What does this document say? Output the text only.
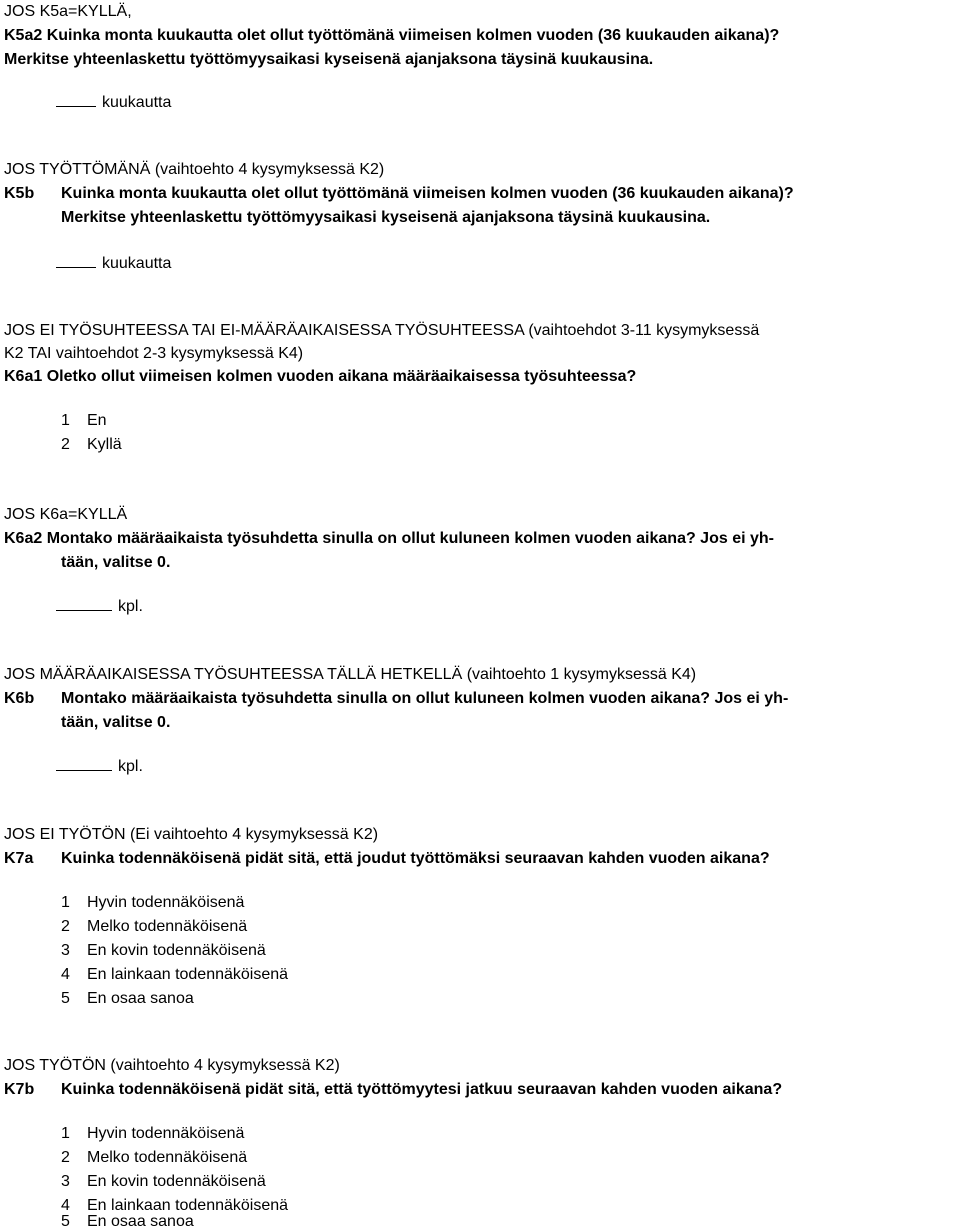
JOS K5a=KYLLÄ,
K5a2 Kuinka monta kuukautta olet ollut työttömänä viimeisen kolmen vuoden (36 kuukauden aikana)?
Merkitse yhteenlaskettu työttömyysaikasi kyseisenä ajanjaksona täysinä kuukausina.
kuukautta
JOS TYÖTTÖMÄNÄ (vaihtoehto 4 kysymyksessä K2)
K5b Kuinka monta kuukautta olet ollut työttömänä viimeisen kolmen vuoden (36 kuukauden aikana)?
Merkitse yhteenlaskettu työttömyysaikasi kyseisenä ajanjaksona täysinä kuukausina.
kuukautta
JOS EI TYÖSUHTEESSA TAI EI-MÄÄRÄAIKAISESSA TYÖSUHTEESSA (vaihtoehdot 3-11 kysymyksessä
K2 TAI vaihtoehdot 2-3 kysymyksessä K4)
K6a1 Oletko ollut viimeisen kolmen vuoden aikana määräaikaisessa työsuhteessa?
1 En
2 Kyllä
JOS K6a=KYLLÄ
K6a2 Montako määräaikaista työsuhdetta sinulla on ollut kuluneen kolmen vuoden aikana? Jos ei yh-
tään, valitse 0.
kpl.
JOS MÄÄRÄAIKAISESSA TYÖSUHTEESSA TÄLLÄ HETKELLÄ (vaihtoehto 1 kysymyksessä K4)
K6b Montako määräaikaista työsuhdetta sinulla on ollut kuluneen kolmen vuoden aikana? Jos ei yh-
tään, valitse 0.
kpl.
JOS EI TYÖTÖN (Ei vaihtoehto 4 kysymyksessä K2)
K7a Kuinka todennäköisenä pidät sitä, että joudut työttömäksi seuraavan kahden vuoden aikana?
1 Hyvin todennäköisenä
2 Melko todennäköisenä
3 En kovin todennäköisenä
4 En lainkaan todennäköisenä
5 En osaa sanoa
JOS TYÖTÖN (vaihtoehto 4 kysymyksessä K2)
K7b Kuinka todennäköisenä pidät sitä, että työttömyytesi jatkuu seuraavan kahden vuoden aikana?
1 Hyvin todennäköisenä
2 Melko todennäköisenä
3 En kovin todennäköisenä
4 En lainkaan todennäköisenä
5 En osaa sanoa
